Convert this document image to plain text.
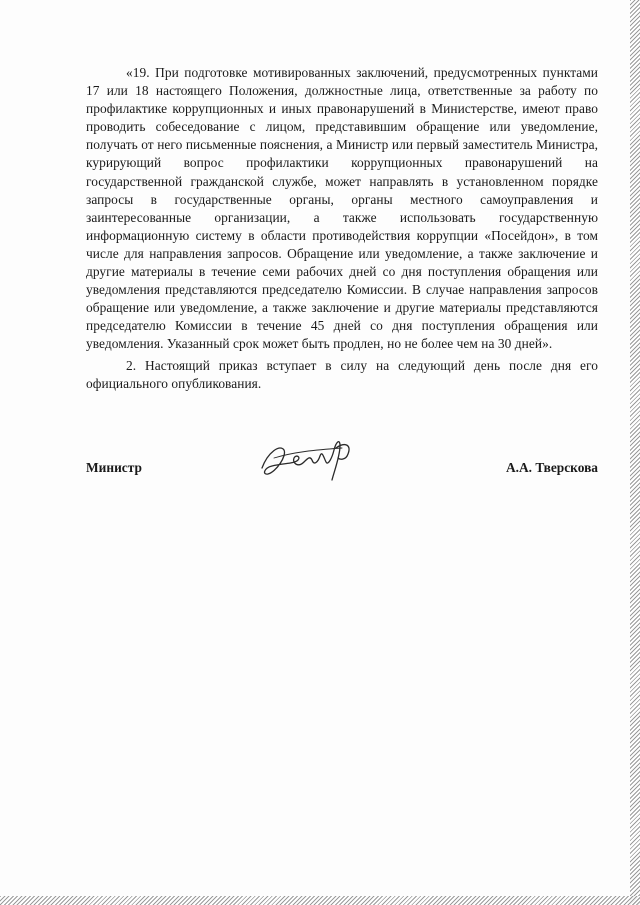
«19. При подготовке мотивированных заключений, предусмотренных пунктами 17 или 18 настоящего Положения, должностные лица, ответственные за работу по профилактике коррупционных и иных правонарушений в Министерстве, имеют право проводить собеседование с лицом, представившим обращение или уведомление, получать от него письменные пояснения, а Министр или первый заместитель Министра, курирующий вопрос профилактики коррупционных правонарушений на государственной гражданской службе, может направлять в установленном порядке запросы в государственные органы, органы местного самоуправления и заинтересованные организации, а также использовать государственную информационную систему в области противодействия коррупции «Посейдон», в том числе для направления запросов. Обращение или уведомление, а также заключение и другие материалы в течение семи рабочих дней со дня поступления обращения или уведомления представляются председателю Комиссии. В случае направления запросов обращение или уведомление, а также заключение и другие материалы представляются председателю Комиссии в течение 45 дней со дня поступления обращения или уведомления. Указанный срок может быть продлен, но не более чем на 30 дней».

2. Настоящий приказ вступает в силу на следующий день после дня его официального опубликования.

Министр	А.А. Тверскова
